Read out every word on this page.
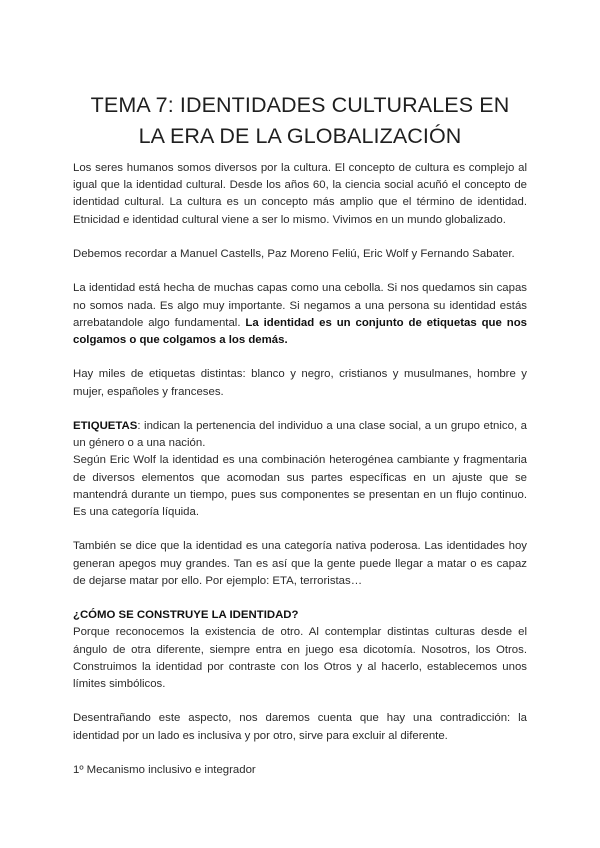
TEMA 7: IDENTIDADES CULTURALES EN
LA ERA DE LA GLOBALIZACIÓN

Los seres humanos somos diversos por la cultura. El concepto de cultura es complejo al igual que la identidad cultural. Desde los años 60, la ciencia social acuñó el concepto de identidad cultural. La cultura es un concepto más amplio que el término de identidad. Etnicidad e identidad cultural viene a ser lo mismo. Vivimos en un mundo globalizado.

Debemos recordar a Manuel Castells, Paz Moreno Feliú, Eric Wolf y Fernando Sabater.

La identidad está hecha de muchas capas como una cebolla. Si nos quedamos sin capas no somos nada. Es algo muy importante. Si negamos a una persona su identidad estás arrebatandole algo fundamental. La identidad es un conjunto de etiquetas que nos colgamos o que colgamos a los demás.

Hay miles de etiquetas distintas: blanco y negro, cristianos y musulmanes, hombre y mujer, españoles y franceses.

ETIQUETAS: indican la pertenencia del individuo a una clase social, a un grupo etnico, a un género o a una nación.

Según Eric Wolf la identidad es una combinación heterogénea cambiante y fragmentaria de diversos elementos que acomodan sus partes específicas en un ajuste que se mantendrá durante un tiempo, pues sus componentes se presentan en un flujo continuo. Es una categoría líquida.

También se dice que la identidad es una categoría nativa poderosa. Las identidades hoy generan apegos muy grandes. Tan es así que la gente puede llegar a matar o es capaz de dejarse matar por ello. Por ejemplo: ETA, terroristas…

¿CÓMO SE CONSTRUYE LA IDENTIDAD?

Porque reconocemos la existencia de otro. Al contemplar distintas culturas desde el ángulo de otra diferente, siempre entra en juego esa dicotomía. Nosotros, los Otros. Construimos la identidad por contraste con los Otros y al hacerlo, establecemos unos límites simbólicos.

Desentrañando este aspecto, nos daremos cuenta que hay una contradicción: la identidad por un lado es inclusiva y por otro, sirve para excluir al diferente.

1º Mecanismo inclusivo e integrador
